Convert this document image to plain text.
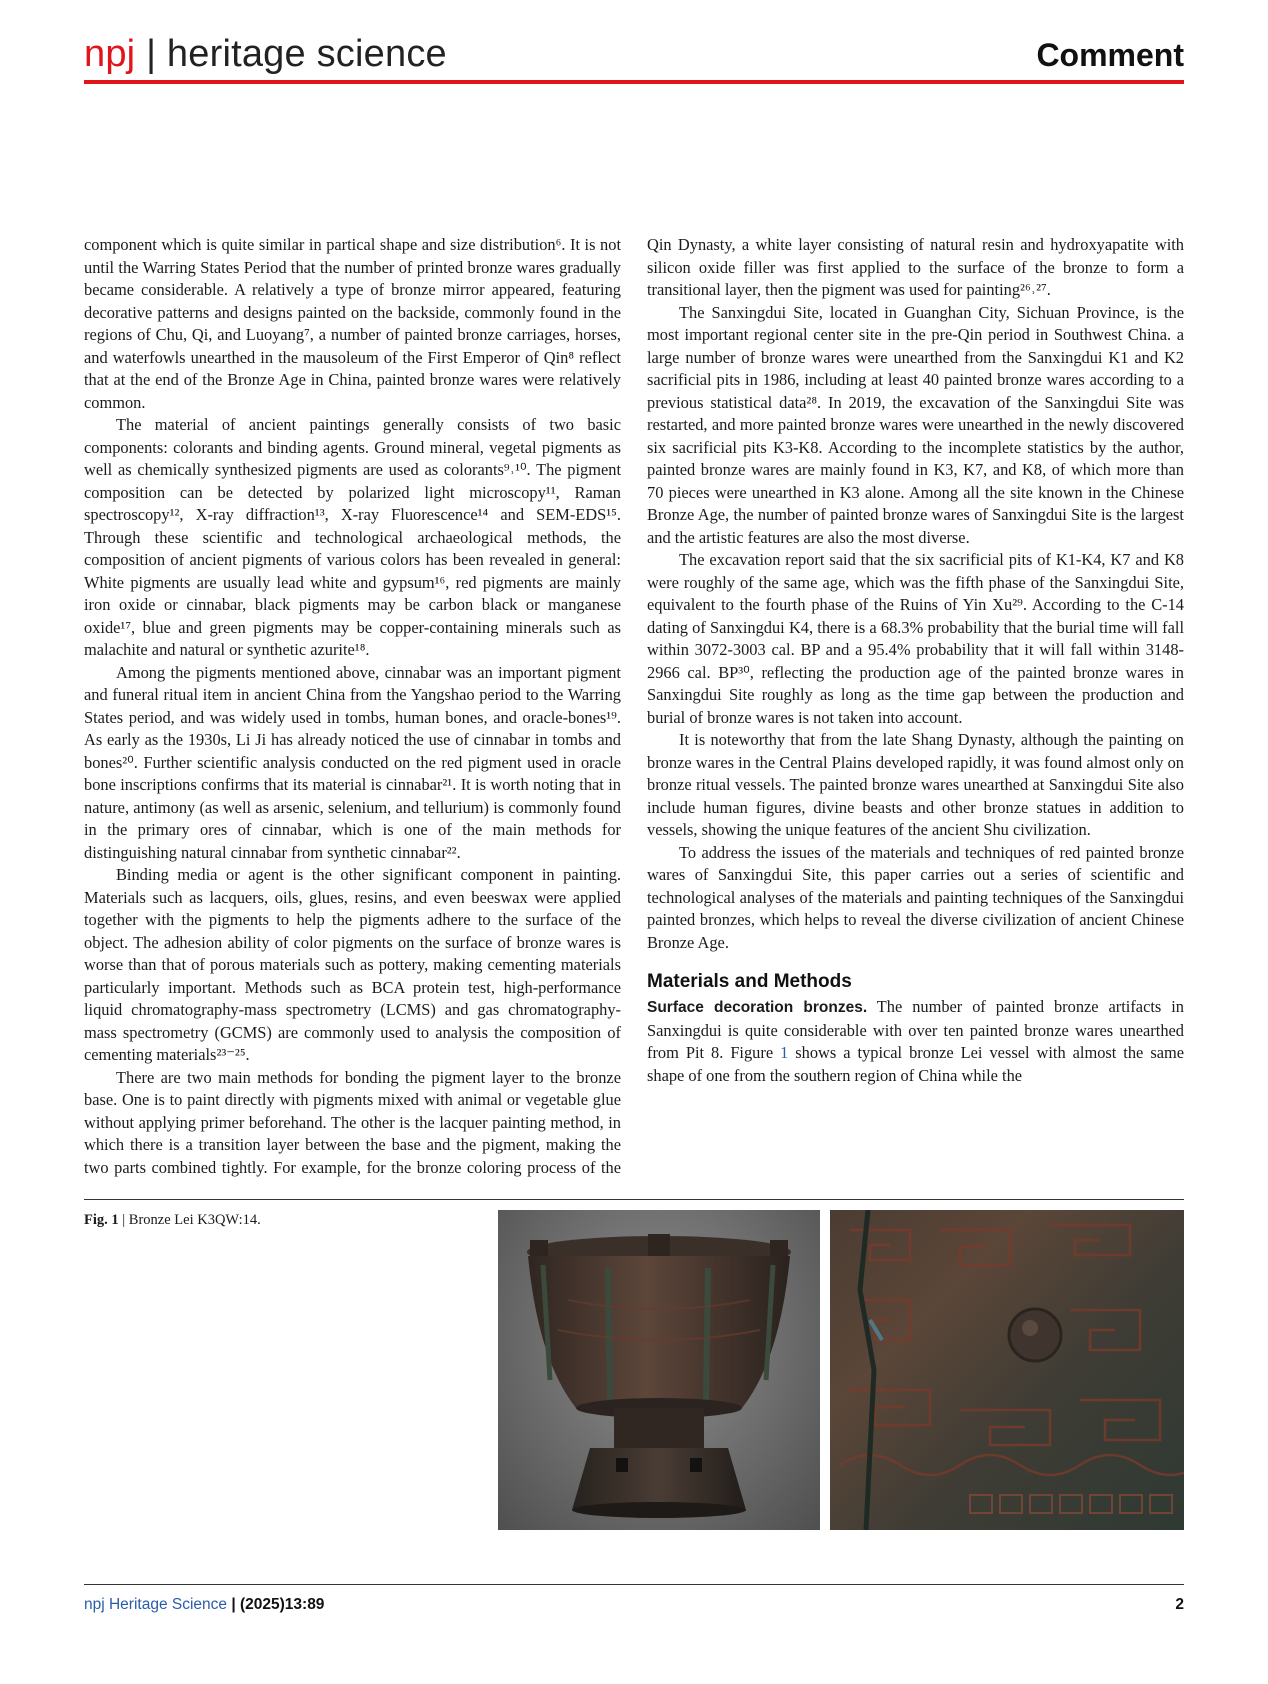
npj | heritage science	Comment

component which is quite similar in partical shape and size distribution⁶. It is not until the Warring States Period that the number of printed bronze wares gradually became considerable. A relatively a type of bronze mirror appeared, featuring decorative patterns and designs painted on the backside, commonly found in the regions of Chu, Qi, and Luoyang⁷, a number of painted bronze carriages, horses, and waterfowls unearthed in the mausoleum of the First Emperor of Qin⁸ reflect that at the end of the Bronze Age in China, painted bronze wares were relatively common.

The material of ancient paintings generally consists of two basic components: colorants and binding agents. Ground mineral, vegetal pigments as well as chemically synthesized pigments are used as colorants⁹˒¹⁰. The pigment composition can be detected by polarized light microscopy¹¹, Raman spectroscopy¹², X-ray diffraction¹³, X-ray Fluorescence¹⁴ and SEM-EDS¹⁵. Through these scientific and technological archaeological methods, the composition of ancient pigments of various colors has been revealed in general: White pigments are usually lead white and gypsum¹⁶, red pigments are mainly iron oxide or cinnabar, black pigments may be carbon black or manganese oxide¹⁷, blue and green pigments may be copper-containing minerals such as malachite and natural or synthetic azurite¹⁸.

Among the pigments mentioned above, cinnabar was an important pigment and funeral ritual item in ancient China from the Yangshao period to the Warring States period, and was widely used in tombs, human bones, and oracle-bones¹⁹. As early as the 1930s, Li Ji has already noticed the use of cinnabar in tombs and bones²⁰. Further scientific analysis conducted on the red pigment used in oracle bone inscriptions confirms that its material is cinnabar²¹. It is worth noting that in nature, antimony (as well as arsenic, selenium, and tellurium) is commonly found in the primary ores of cinnabar, which is one of the main methods for distinguishing natural cinnabar from synthetic cinnabar²².

Binding media or agent is the other significant component in painting. Materials such as lacquers, oils, glues, resins, and even beeswax were applied together with the pigments to help the pigments adhere to the surface of the object. The adhesion ability of color pigments on the surface of bronze wares is worse than that of porous materials such as pottery, making cementing materials particularly important. Methods such as BCA protein test, high-performance liquid chromatography-mass spectrometry (LCMS) and gas chromatography-mass spectrometry (GCMS) are commonly used to analysis the composition of cementing materials²³⁻²⁵.

There are two main methods for bonding the pigment layer to the bronze base. One is to paint directly with pigments mixed with animal or vegetable glue without applying primer beforehand. The other is the lacquer painting method, in which there is a transition layer between the base and the pigment, making the two parts combined tightly. For example, for the bronze coloring process of the Qin Dynasty, a white layer consisting of natural resin and hydroxyapatite with silicon oxide filler was first applied to the surface of the bronze to form a transitional layer, then the pigment was used for painting²⁶˒²⁷.

The Sanxingdui Site, located in Guanghan City, Sichuan Province, is the most important regional center site in the pre-Qin period in Southwest China. a large number of bronze wares were unearthed from the Sanxingdui K1 and K2 sacrificial pits in 1986, including at least 40 painted bronze wares according to a previous statistical data²⁸. In 2019, the excavation of the Sanxingdui Site was restarted, and more painted bronze wares were unearthed in the newly discovered six sacrificial pits K3-K8. According to the incomplete statistics by the author, painted bronze wares are mainly found in K3, K7, and K8, of which more than 70 pieces were unearthed in K3 alone. Among all the site known in the Chinese Bronze Age, the number of painted bronze wares of Sanxingdui Site is the largest and the artistic features are also the most diverse.

The excavation report said that the six sacrificial pits of K1-K4, K7 and K8 were roughly of the same age, which was the fifth phase of the Sanxingdui Site, equivalent to the fourth phase of the Ruins of Yin Xu²⁹. According to the C-14 dating of Sanxingdui K4, there is a 68.3% probability that the burial time will fall within 3072-3003 cal. BP and a 95.4% probability that it will fall within 3148-2966 cal. BP³⁰, reflecting the production age of the painted bronze wares in Sanxingdui Site roughly as long as the time gap between the production and burial of bronze wares is not taken into account.

It is noteworthy that from the late Shang Dynasty, although the painting on bronze wares in the Central Plains developed rapidly, it was found almost only on bronze ritual vessels. The painted bronze wares unearthed at Sanxingdui Site also include human figures, divine beasts and other bronze statues in addition to vessels, showing the unique features of the ancient Shu civilization.

To address the issues of the materials and techniques of red painted bronze wares of Sanxingdui Site, this paper carries out a series of scientific and technological analyses of the materials and painting techniques of the Sanxingdui painted bronzes, which helps to reveal the diverse civilization of ancient Chinese Bronze Age.

Materials and Methods

Surface decoration bronzes. The number of painted bronze artifacts in Sanxingdui is quite considerable with over ten painted bronze wares unearthed from Pit 8. Figure 1 shows a typical bronze Lei vessel with almost the same shape of one from the southern region of China while the

Fig. 1 | Bronze Lei K3QW:14.
npj Heritage Science | (2025)13:89	2
